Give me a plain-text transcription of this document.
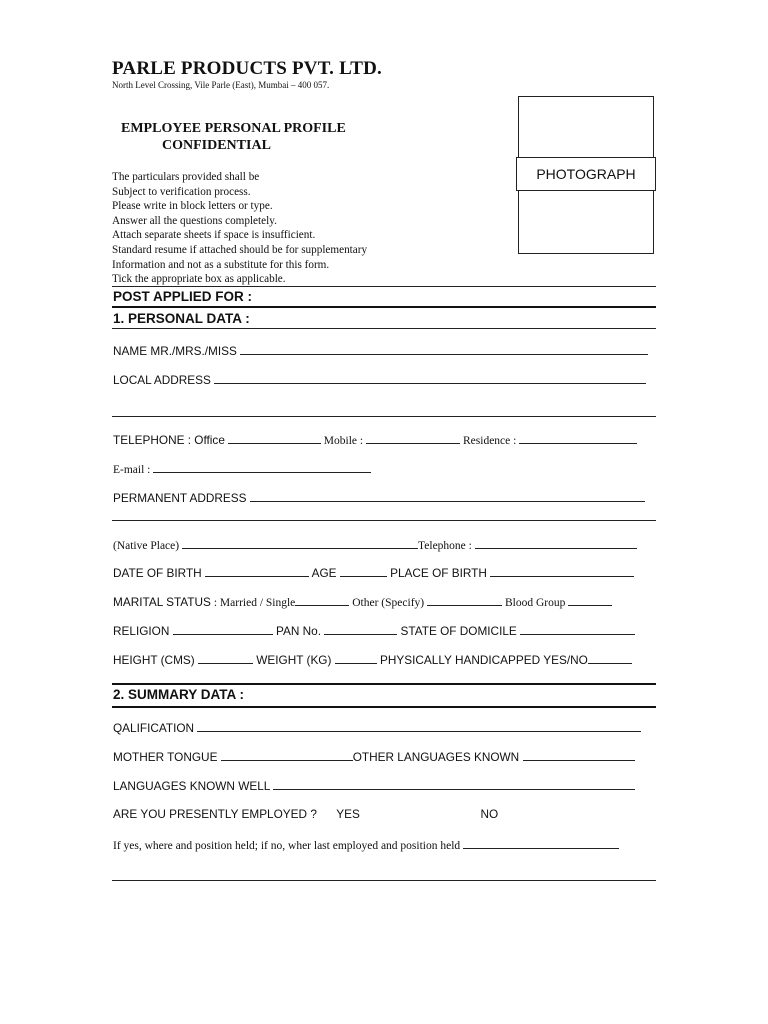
PARLE PRODUCTS PVT. LTD.
North Level Crossing, Vile Parle (East), Mumbai – 400 057.
EMPLOYEE PERSONAL PROFILE
CONFIDENTIAL
PHOTOGRAPH
The particulars provided shall be
Subject to verification process.
Please write in block letters or type.
Answer all the questions completely.
Attach separate sheets if space is insufficient.
Standard resume if attached should be for supplementary
Information and not as a substitute for this form.
Tick the appropriate box as applicable.
POST APPLIED FOR :
1. PERSONAL DATA :
NAME MR./MRS./MISS
LOCAL ADDRESS
TELEPHONE : Office	Mobile :	Residence :
E-mail :
PERMANENT ADDRESS
(Native Place)	Telephone :
DATE OF BIRTH	AGE	PLACE OF BIRTH
MARITAL STATUS : Married / Single	Other (Specify)	Blood Group
RELIGION	PAN No.	STATE OF DOMICILE
HEIGHT (CMS)	WEIGHT (KG)	PHYSICALLY HANDICAPPED YES/NO
2. SUMMARY DATA :
QALIFICATION
MOTHER TONGUE	OTHER LANGUAGES KNOWN
LANGUAGES KNOWN WELL
ARE YOU PRESENTLY EMPLOYED ? YES	NO
If yes, where and position held; if no, wher last employed and position held
